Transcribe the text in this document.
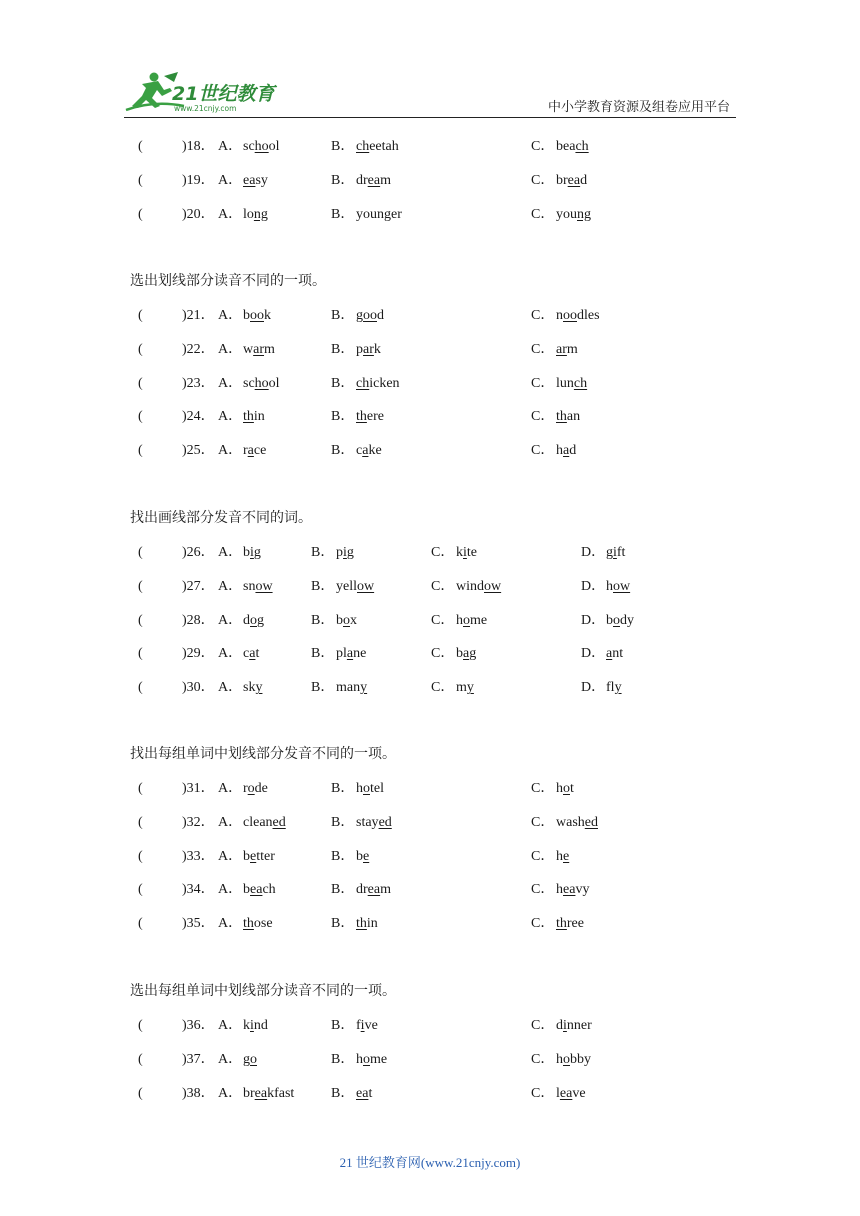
21世纪教育
www.21cnjy.com	中小学教育资源及组卷应用平台
(	)18． A． school	B． cheetah	C． beach
(	)19． A． easy	B． dream	C． bread
(	)20． A． long	B． younger	C． young
选出划线部分读音不同的一项。
(	)21． A． book	B． good	C． noodles
(	)22． A． warm	B． park	C． arm
(	)23． A． school	B． chicken	C． lunch
(	)24． A． thin	B． there	C． than
(	)25． A． race	B． cake	C． had
找出画线部分发音不同的词。
(	)26． A． big	B． pig	C． kite	D． gift
(	)27． A． snow	B． yellow	C． window	D． how
(	)28． A． dog	B． box	C． home	D． body
(	)29． A． cat	B． plane	C． bag	D． ant
(	)30． A． sky	B． many	C． my	D． fly
找出每组单词中划线部分发音不同的一项。
(	)31． A． rode	B． hotel	C． hot
(	)32． A． cleaned	B． stayed	C． washed
(	)33． A． better	B． be	C． he
(	)34． A． beach	B． dream	C． heavy
(	)35． A． those	B． thin	C． three
选出每组单词中划线部分读音不同的一项。
(	)36． A． kind	B． five	C． dinner
(	)37． A． go	B． home	C． hobby
(	)38． A． breakfast	B． eat	C． leave
21 世纪教育网(www.21cnjy.com)
